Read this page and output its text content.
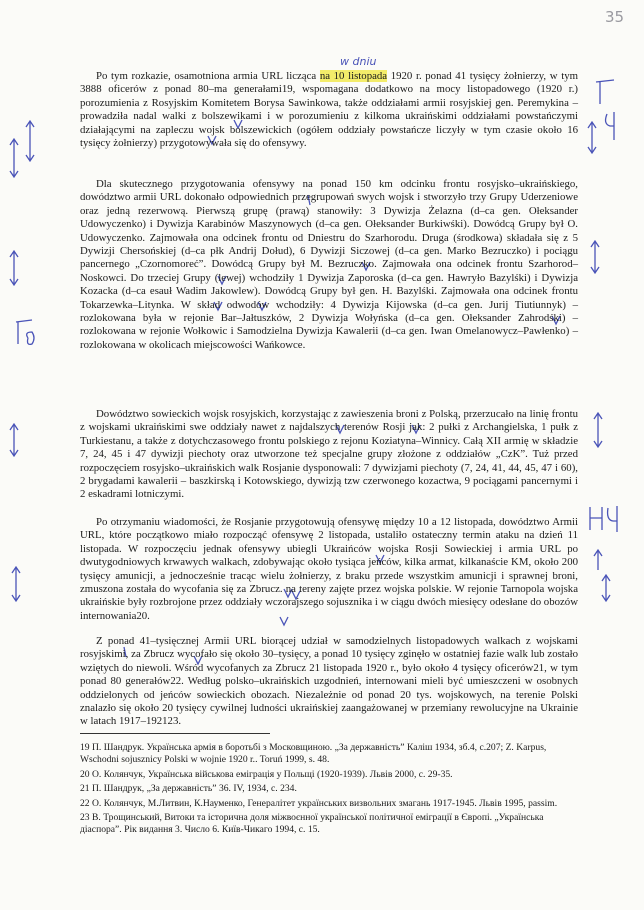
35
w dniu

Po tym rozkazie, osamotniona armia URL licząca na 10 listopada 1920 r. ponad 41 tysięcy żołnierzy, w tym 3888 oficerów z ponad 80–ma generałami19, wspomagana dodatkowo na mocy listopadowego (1920 r.) porozumienia z Rosyjskim Komitetem Borysa Sawinkowa, także oddziałami armii rosyjskiej gen. Peremykina – prowadziła nadal walki z bolszewikami i w porozumieniu z kilkoma ukraińskimi oddziałami powstańczymi działającymi na zapleczu wojsk bolszewickich (ogółem oddziały powstańcze liczyły w tym czasie około 16 tysięcy żołnierzy) przygotowywała się do ofensywy.

Dla skutecznego przygotowania ofensywy na ponad 150 km odcinku frontu rosyjsko–ukraińskiego, dowództwo armii URL dokonało odpowiednich przegrupowań swych wojsk i stworzyło trzy Grupy Uderzeniowe oraz jedną rezerwową. Pierwszą grupę (prawą) stanowiły: 3 Dywizja Żelazna (d–ca gen. Ołeksander Udowyczenko) i Dywizja Karabinów Maszynowych (d–ca gen. Ołeksander Burkiwśki). Dowódcą Grupy był O. Udowyczenko. Zajmowała ona odcinek frontu od Dniestru do Szarhorodu. Druga (środkowa) składała się z 5 Dywizji Chersońskiej (d–ca płk Andrij Dołud), 6 Dywizji Siczowej (d–ca gen. Marko Bezruczko) i pociągu pancernego „Czornomoreć”. Dowódcą Grupy był M. Bezruczko. Zajmowała ona odcinek frontu Szarhorod–Noskowci. Do trzeciej Grupy (lewej) wchodziły 1 Dywizja Zaporoska (d–ca gen. Hawryło Bazylśki) i Dywizja Kozacka (d–ca esauł Wadim Jakowlew). Dowódcą Grupy był gen. H. Bazylśki. Zajmowała ona odcinek frontu Tokarzewka–Litynka. W skład odwodów wchodziły: 4 Dywizja Kijowska (d–ca gen. Jurij Tiutiunnyk) – rozlokowana była w rejonie Bar–Jałtuszków, 2 Dywizja Wołyńska (d–ca gen. Ołeksander Zahrodśki) – rozlokowana w rejonie Wołkowic i Samodzielna Dywizja Kawalerii (d–ca gen. Iwan Omelanowycz–Pawłenko) – rozlokowana w okolicach miejscowości Wańkowce.

Dowództwo sowieckich wojsk rosyjskich, korzystając z zawieszenia broni z Polską, przerzucało na linię frontu z wojskami ukraińskimi swe oddziały nawet z najdalszych terenów Rosji jak: 2 pułki z Archangielska, 1 pułk z Turkiestanu, a także z dotychczasowego frontu polskiego z rejonu Koziatyna–Winnicy. Całą XII armię w składzie 7, 24, 45 i 47 dywizji piechoty oraz utworzone też specjalne grupy złożone z oddziałów „CzK”. Tuż przed rozpoczęciem rosyjsko–ukraińskich walk Rosjanie dysponowali: 7 dywizjami piechoty (7, 24, 41, 44, 45, 47 i 60), 2 brygadami kawalerii – baszkirską i Kotowskiego, dywizją tzw czerwonego kozactwa, 9 pociągami pancernymi i 2 eskadrami lotniczymi.

Po otrzymaniu wiadomości, że Rosjanie przygotowują ofensywę między 10 a 12 listopada, dowództwo Armii URL, które początkowo miało rozpocząć ofensywę 2 listopada, ustaliło ostateczny termin ataku na dzień 11 listopada. W rozpoczęciu jednak ofensywy ubiegli Ukraińców wojska Rosji Sowieckiej i armia URL po dwutygodniowych krwawych walkach, zdobywając około tysiąca jeńców, kilka armat, kilkanaście KM, około 200 tysięcy amunicji, a jednocześnie tracąc wielu żołnierzy, z braku przede wszystkim amunicji i sprawnej broni, zmuszona została do wycofania się za Zbrucz. na tereny zajęte przez wojska polskie. W rejonie Tarnopola wojska ukraińskie były rozbrojone przez oddziały wczorajszego sojusznika i w ciągu dwóch miesięcy odesłane do obozów internowania20.

Z ponad 41–tysięcznej Armii URL biorącej udział w samodzielnych listopadowych walkach z wojskami rosyjskimi, za Zbrucz wycofało się około 30–tysięcy, a ponad 10 tysięcy zginęło w ostatniej fazie walk lub zostało wziętych do niewoli. Wśród wycofanych za Zbrucz 21 listopada 1920 r., było około 4 tysięcy oficerów21, w tym ponad 80 generałów22. Według polsko–ukraińskich uzgodnień, internowani mieli być umieszczeni w osobnych oddzielonych od jeńców sowieckich obozach. Niezależnie od ponad 20 tys. wojskowych, na terenie Polski znalazło się około 20 tysięcy cywilnej ludności ukraińskiej zaangażowanej w przemiany rewolucyjne na Ukrainie w latach 1917–192123.

19 П. Шандрук. Українська армія в боротьбі з Московщиною. „За державність” Каліш 1934, зб.4, с.207; Z. Karpus, Wschodni sojusznicy Polski w wojnie 1920 r.. Toruń 1999, s. 48.

20 О. Колянчук, Українська військова еміграція у Польщі (1920-1939). Львів 2000, с. 29-35.

21 П. Шандрук, „За державність” 36. IV, 1934, с. 234.

22 О. Колянчук, М.Литвин, К.Науменко, Генералітет українських визвольних змагань 1917-1945. Львів 1995, passim.

23 В. Трощинський, Витоки та історична доля міжвоєнної української політичної еміграції в Європі. „Українська діаспора”. Рік видання 3. Число 6. Київ-Чикаго 1994, с. 15.
